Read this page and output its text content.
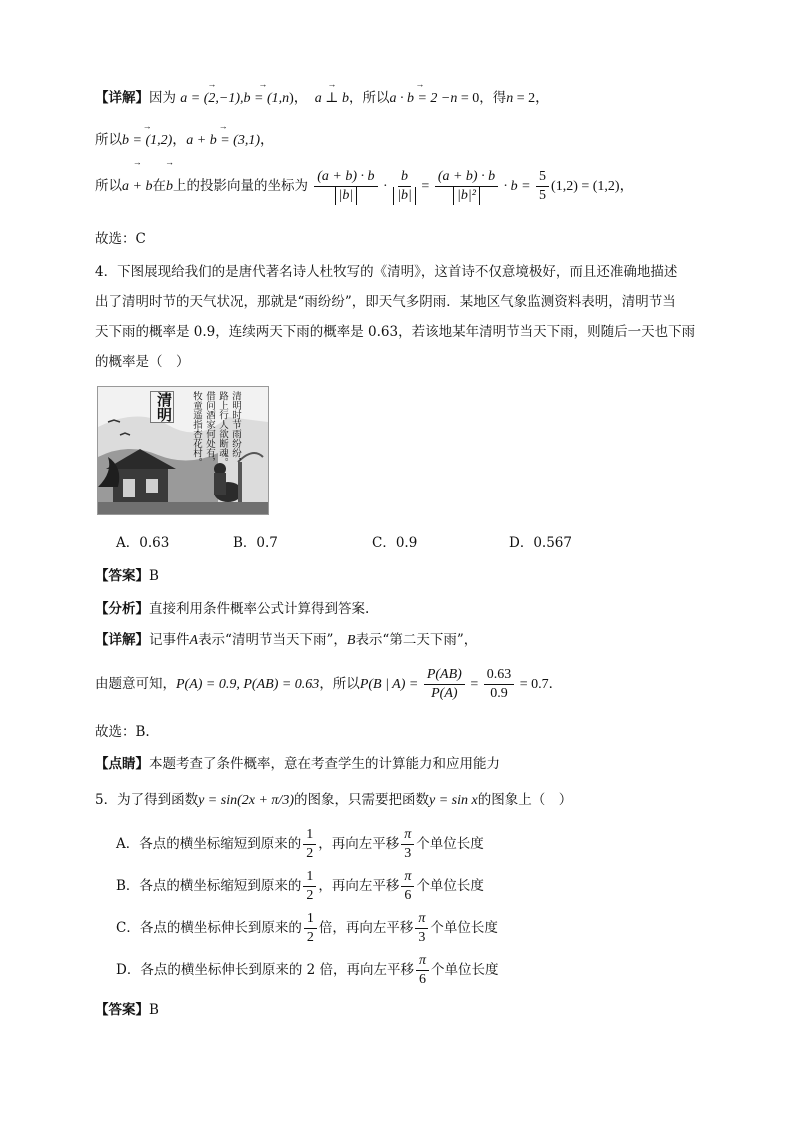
【详解】因为 → a = (2,−1),→ b = (1,n)， → a ⊥ b，所以→ a · b = 2 −n = 0，得n = 2，
所以→ b = (1,2)，→ a + b = (3,1)，
所以→ a + b在→ b上的投影向量的坐标为 $\frac{(a + b) \cdot b}{|b|} \cdot \frac{b}{|b|} = \frac{(a + b) \cdot b}{\text{|b|²}} \cdot b = \frac{5}{5} (1,2) = (1,2)$，
故选：C
4．下图展现给我们的是唐代著名诗人杜牧写的《清明》，这首诗不仅意境极好，而且还准确地描述
出了清明时节的天气状况，那就是“雨纷纷”，即天气多阴雨．某地区气象监测资料表明，清明节当
天下雨的概率是 0.9，连续两天下雨的概率是 0.63，若该地某年清明节当天下雨，则随后一天也下雨
的概率是（　）
清明	清明时节雨纷纷，
路上行人欲断魂。
借问酒家何处有，
牧童遥指杏花村。
A．0.63	B．0.7	C．0.9	D．0.567
【答案】B
【分析】直接利用条件概率公式计算得到答案.
【详解】记事件A表示“清明节当天下雨”，B表示“第二天下雨”，
由题意可知，P(A) = 0.9, P(AB) = 0.63，所以P(B | $A) = \frac{P(AB)}{P(A)} = \frac{0.63}{0.9} = 0.7$．
故选：B.
【点睛】本题考查了条件概率，意在考查学生的计算能力和应用能力
5．为了得到函数y = sin(2x + π/3)的图象，只需要把函数y = sin x的图象上（　）
A．各点的横坐标缩短到原来的 $\frac{1}{2}$ ，再向左平移 $\frac{\pi}{3}$ 个单位长度
B．各点的横坐标缩短到原来的 $\frac{1}{2}$ ，再向左平移 $\frac{\pi}{6}$ 个单位长度
C．各点的横坐标伸长到原来的 $\frac{1}{2}$ 倍，再向左平移 $\frac{\pi}{3}$ 个单位长度
D．各点的横坐标伸长到原来的 2 倍，再向左平移 $\frac{\pi}{6}$ 个单位长度
【答案】B
